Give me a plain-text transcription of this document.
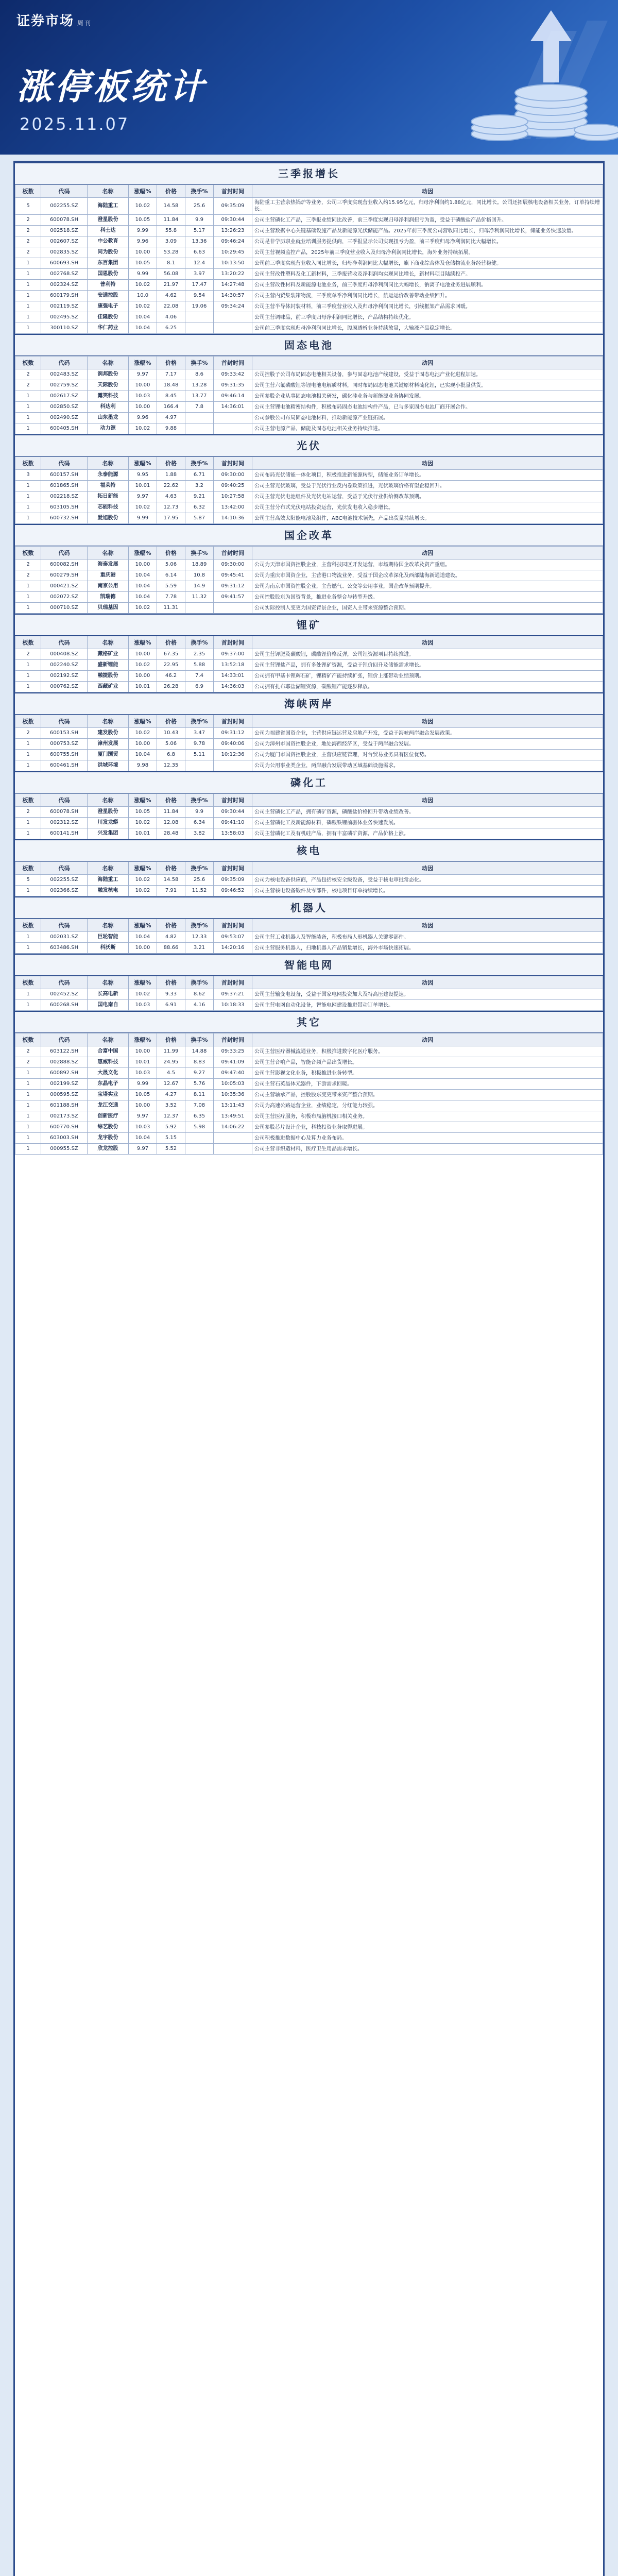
证券市场 周刊
涨停板统计
2025.11.07
三季报增长
板数	代码	名称	涨幅%	价格	换手%	首封时间	动因
5	002255.SZ	海陆重工	10.02	14.58	25.6	09:35:09	海陆重工主营余热锅炉等业务，公司三季度实现营业收入约15.95亿元，归母净利润约1.88亿元，同比增长。公司还拓展核电设备相关业务，订单持续增长。
2	600078.SH	澄星股份	10.05	11.84	9.9	09:30:44	公司主营磷化工产品，三季报业绩同比改善，前三季度实现归母净利润扭亏为盈，受益于磷酸盐产品价格回升。
2	002518.SZ	科士达	9.99	55.8	5.17	13:26:23	公司主营数据中心关键基础设施产品及新能源光伏储能产品。2025年前三季度公司营收同比增长，归母净利润同比增长，储能业务快速放量。
2	002607.SZ	中公教育	9.96	3.09	13.36	09:46:24	公司是非学历职业就业培训服务提供商，三季报显示公司实现扭亏为盈，前三季度归母净利润同比大幅增长。
2	002835.SZ	同为股份	10.00	53.28	6.63	10:29:45	公司主营视频监控产品，2025年前三季度营业收入及归母净利润同比增长，海外业务持续拓展。
1	600693.SH	东百集团	10.05	8.1	12.4	10:13:50	公司前三季度实现营业收入同比增长，归母净利润同比大幅增长，旗下商业综合体及仓储物流业务经营稳健。
1	002768.SZ	国恩股份	9.99	56.08	3.97	13:20:22	公司主营改性塑料及化工新材料，三季报营收及净利润均实现同比增长，新材料项目陆续投产。
1	002324.SZ	普利特	10.02	21.97	17.47	14:27:48	公司主营改性材料及新能源电池业务，前三季度归母净利润同比大幅增长，钠离子电池业务进展顺利。
1	600179.SH	安通控股	10.0	4.62	9.54	14:30:57	公司主营内贸集装箱物流，三季度单季净利润同比增长，航运运价改善带动业绩回升。
1	002119.SZ	康强电子	10.02	22.08	19.06	09:34:24	公司主营半导体封装材料，前三季度营业收入及归母净利润同比增长，引线框架产品需求回暖。
1	002495.SZ	佳隆股份	10.04	4.06			公司主营调味品，前三季度归母净利润同比增长，产品结构持续优化。
1	300110.SZ	华仁药业	10.04	6.25			公司前三季度实现归母净利润同比增长，腹膜透析业务持续放量，大输液产品稳定增长。
固态电池
板数	代码	名称	涨幅%	价格	换手%	首封时间	动因
2	002483.SZ	润邦股份	9.97	7.17	8.6	09:33:42	公司控股子公司布局固态电池相关设备，参与固态电池产线建设，受益于固态电池产业化进程加速。
2	002759.SZ	天际股份	10.00	18.48	13.28	09:31:35	公司主营六氟磷酸锂等锂电池电解质材料，同时布局固态电池关键原材料硫化锂，已实现小批量供货。
1	002617.SZ	露笑科技	10.03	8.45	13.77	09:46:14	公司参股企业从事固态电池相关研发，碳化硅业务与新能源业务协同发展。
1	002850.SZ	科达利	10.00	166.4	7.8	14:36:01	公司主营锂电池精密结构件，积极布局固态电池结构件产品，已与多家固态电池厂商开展合作。
1	002490.SZ	山东墨龙	9.96	4.97			公司参股公司布局固态电池材料，推动新能源产业链拓展。
1	600405.SH	动力源	10.02	9.88			公司主营电源产品，储能及固态电池相关业务持续推进。
光伏
板数	代码	名称	涨幅%	价格	换手%	首封时间	动因
3	600157.SH	永泰能源	9.95	1.88	6.71	09:30:00	公司布局光伏储能一体化项目，积极推进新能源转型，储能业务订单增长。
1	601865.SH	福莱特	10.01	22.62	3.2	09:40:25	公司主营光伏玻璃，受益于光伏行业反内卷政策推进，光伏玻璃价格有望企稳回升。
1	002218.SZ	拓日新能	9.97	4.63	9.21	10:27:58	公司主营光伏电池组件及光伏电站运营，受益于光伏行业供给侧改革预期。
1	603105.SH	芯能科技	10.02	12.73	6.32	13:42:00	公司主营分布式光伏电站投资运营，光伏发电收入稳步增长。
1	600732.SH	爱旭股份	9.99	17.95	5.87	14:10:36	公司主营高效太阳能电池及组件，ABC电池技术领先，产品出货量持续增长。
国企改革
板数	代码	名称	涨幅%	价格	换手%	首封时间	动因
2	600082.SH	海泰发展	10.00	5.06	18.89	09:30:00	公司为天津市国资控股企业，主营科技园区开发运营，市场期待国企改革及资产重组。
2	600279.SH	重庆港	10.04	6.14	10.8	09:45:41	公司为重庆市国资企业，主营港口物流业务，受益于国企改革深化及西部陆海新通道建设。
1	000421.SZ	南京公用	10.04	5.59	14.9	09:31:12	公司为南京市国资控股企业，主营燃气、公交等公用事业，国企改革预期提升。
1	002072.SZ	凯瑞德	10.04	7.78	11.32	09:41:57	公司控股股东为国资背景，推进业务整合与转型升级。
1	000710.SZ	贝瑞基因	10.02	11.31			公司实际控制人变更为国资背景企业，国资入主带来资源整合预期。
锂矿
板数	代码	名称	涨幅%	价格	换手%	首封时间	动因
2	000408.SZ	藏格矿业	10.00	67.35	2.35	09:37:00	公司主营钾肥及碳酸锂，碳酸锂价格反弹，公司锂资源项目持续推进。
1	002240.SZ	盛新锂能	10.02	22.95	5.88	13:52:18	公司主营锂盐产品，拥有多处锂矿资源，受益于锂价回升及储能需求增长。
1	002192.SZ	融捷股份	10.00	46.2	7.4	14:33:01	公司拥有甲基卡锂辉石矿，锂精矿产能持续扩张，锂价上涨带动业绩预期。
1	000762.SZ	西藏矿业	10.01	26.28	6.9	14:36:03	公司拥有扎布耶盐湖锂资源，碳酸锂产能逐步释放。
海峡两岸
板数	代码	名称	涨幅%	价格	换手%	首封时间	动因
2	600153.SH	建发股份	10.02	10.43	3.47	09:31:12	公司为福建省国资企业，主营供应链运营及房地产开发，受益于海峡两岸融合发展政策。
1	000753.SZ	漳州发展	10.00	5.06	9.78	09:40:06	公司为漳州市国资控股企业，地处海西经济区，受益于两岸融合发展。
1	600755.SH	厦门国贸	10.04	6.8	5.11	10:12:36	公司为厦门市国资控股企业，主营供应链管理，对台贸易业务具有区位优势。
1	600461.SH	洪城环境	9.98	12.35			公司为公用事业类企业，两岸融合发展带动区域基础设施需求。
磷化工
板数	代码	名称	涨幅%	价格	换手%	首封时间	动因
2	600078.SH	澄星股份	10.05	11.84	9.9	09:30:44	公司主营磷化工产品，拥有磷矿资源，磷酸盐价格回升带动业绩改善。
1	002312.SZ	川发龙蟒	10.02	12.08	6.34	09:41:10	公司主营磷化工及新能源材料，磷酸铁锂前驱体业务快速发展。
1	600141.SH	兴发集团	10.01	28.48	3.82	13:58:03	公司主营磷化工及有机硅产品，拥有丰富磷矿资源，产品价格上涨。
核电
板数	代码	名称	涨幅%	价格	换手%	首封时间	动因
5	002255.SZ	海陆重工	10.02	14.58	25.6	09:35:09	公司为核电设备供应商，产品包括核安全级设备，受益于核电审批常态化。
1	002366.SZ	融发核电	10.02	7.91	11.52	09:46:52	公司主营核电设备锻件及零部件，核电项目订单持续增长。
机器人
板数	代码	名称	涨幅%	价格	换手%	首封时间	动因
1	002031.SZ	巨轮智能	10.04	4.82	12.33	09:53:07	公司主营工业机器人及智能装备，积极布局人形机器人关键零部件。
1	603486.SH	科沃斯	10.00	88.66	3.21	14:20:16	公司主营服务机器人，扫地机器人产品销量增长，海外市场快速拓展。
智能电网
板数	代码	名称	涨幅%	价格	换手%	首封时间	动因
1	002452.SZ	长高电新	10.02	9.33	8.62	09:37:21	公司主营输变电设备，受益于国家电网投资加大及特高压建设提速。
1	600268.SH	国电南自	10.03	6.91	4.16	10:18:33	公司主营电网自动化设备，智能电网建设推进带动订单增长。
其它
板数	代码	名称	涨幅%	价格	换手%	首封时间	动因
2	603122.SH	合富中国	10.00	11.99	14.88	09:33:25	公司主营医疗器械流通业务，积极推进数字化医疗服务。
2	002888.SZ	惠威科技	10.01	24.95	8.83	09:41:09	公司主营音响产品，智能音频产品出货增长。
1	600892.SH	大晟文化	10.03	4.5	9.27	09:47:40	公司主营影视文化业务，积极推进业务转型。
1	002199.SZ	东晶电子	9.99	12.67	5.76	10:05:03	公司主营石英晶体元器件，下游需求回暖。
1	000595.SZ	宝塔实业	10.05	4.27	8.11	10:35:36	公司主营轴承产品，控股股东变更带来资产整合预期。
1	601188.SH	龙江交通	10.00	3.52	7.08	13:11:43	公司为高速公路运营企业，业绩稳定，分红能力较强。
1	002173.SZ	创新医疗	9.97	12.37	6.35	13:49:51	公司主营医疗服务，积极布局脑机接口相关业务。
1	600770.SH	综艺股份	10.03	5.92	5.98	14:06:22	公司参股芯片设计企业，科技投资业务取得进展。
1	603003.SH	龙宇股份	10.04	5.15			公司积极推进数据中心及算力业务布局。
1	000955.SZ	欣龙控股	9.97	5.52			公司主营非织造材料，医疗卫生用品需求增长。
